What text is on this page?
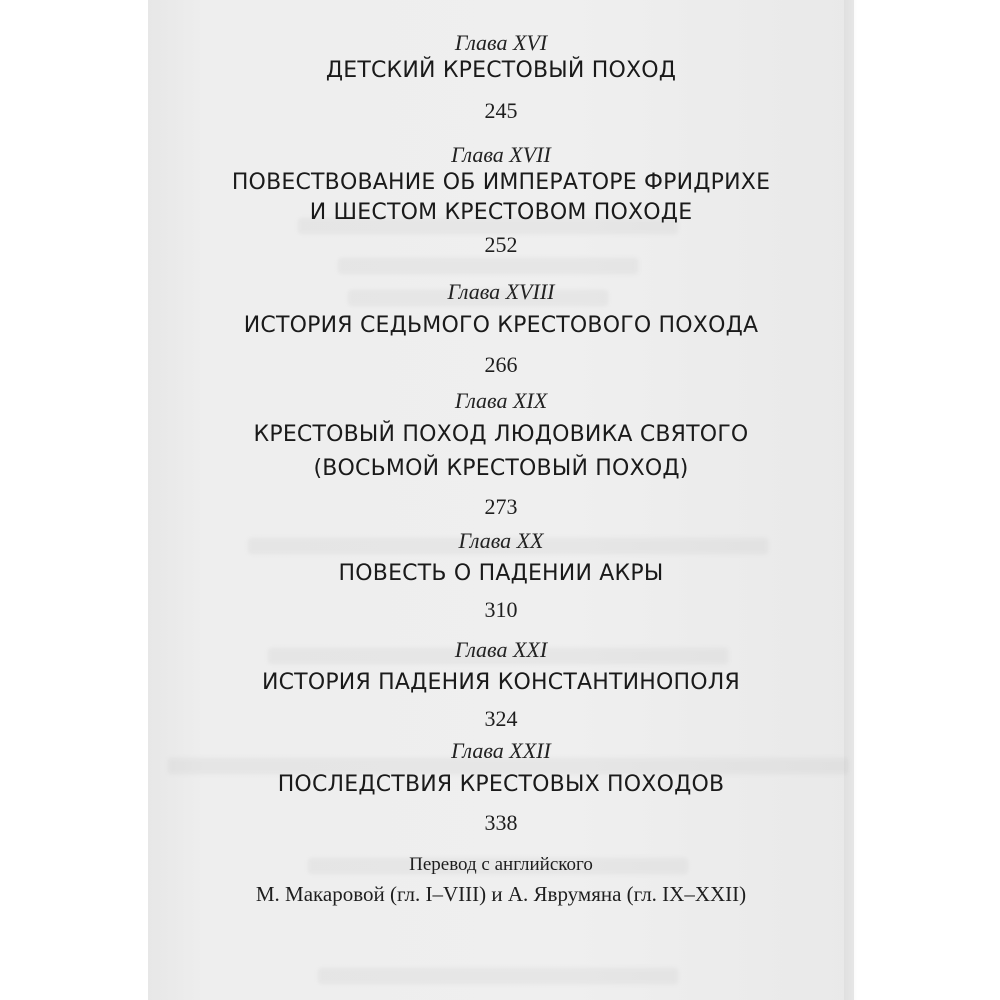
Глава XVI
ДЕТСКИЙ КРЕСТОВЫЙ ПОХОД
245
Глава XVII
ПОВЕСТВОВАНИЕ ОБ ИМПЕРАТОРЕ ФРИДРИХЕ
И ШЕСТОМ КРЕСТОВОМ ПОХОДЕ
252
Глава XVIII
ИСТОРИЯ СЕДЬМОГО КРЕСТОВОГО ПОХОДА
266
Глава XIX
КРЕСТОВЫЙ ПОХОД ЛЮДОВИКА СВЯТОГО
(ВОСЬМОЙ КРЕСТОВЫЙ ПОХОД)
273
Глава XX
ПОВЕСТЬ О ПАДЕНИИ АКРЫ
310
Глава XXI
ИСТОРИЯ ПАДЕНИЯ КОНСТАНТИНОПОЛЯ
324
Глава XXII
ПОСЛЕДСТВИЯ КРЕСТОВЫХ ПОХОДОВ
338
Перевод с английского
М. Макаровой (гл. I–VIII) и А. Яврумяна (гл. IX–XXII)
